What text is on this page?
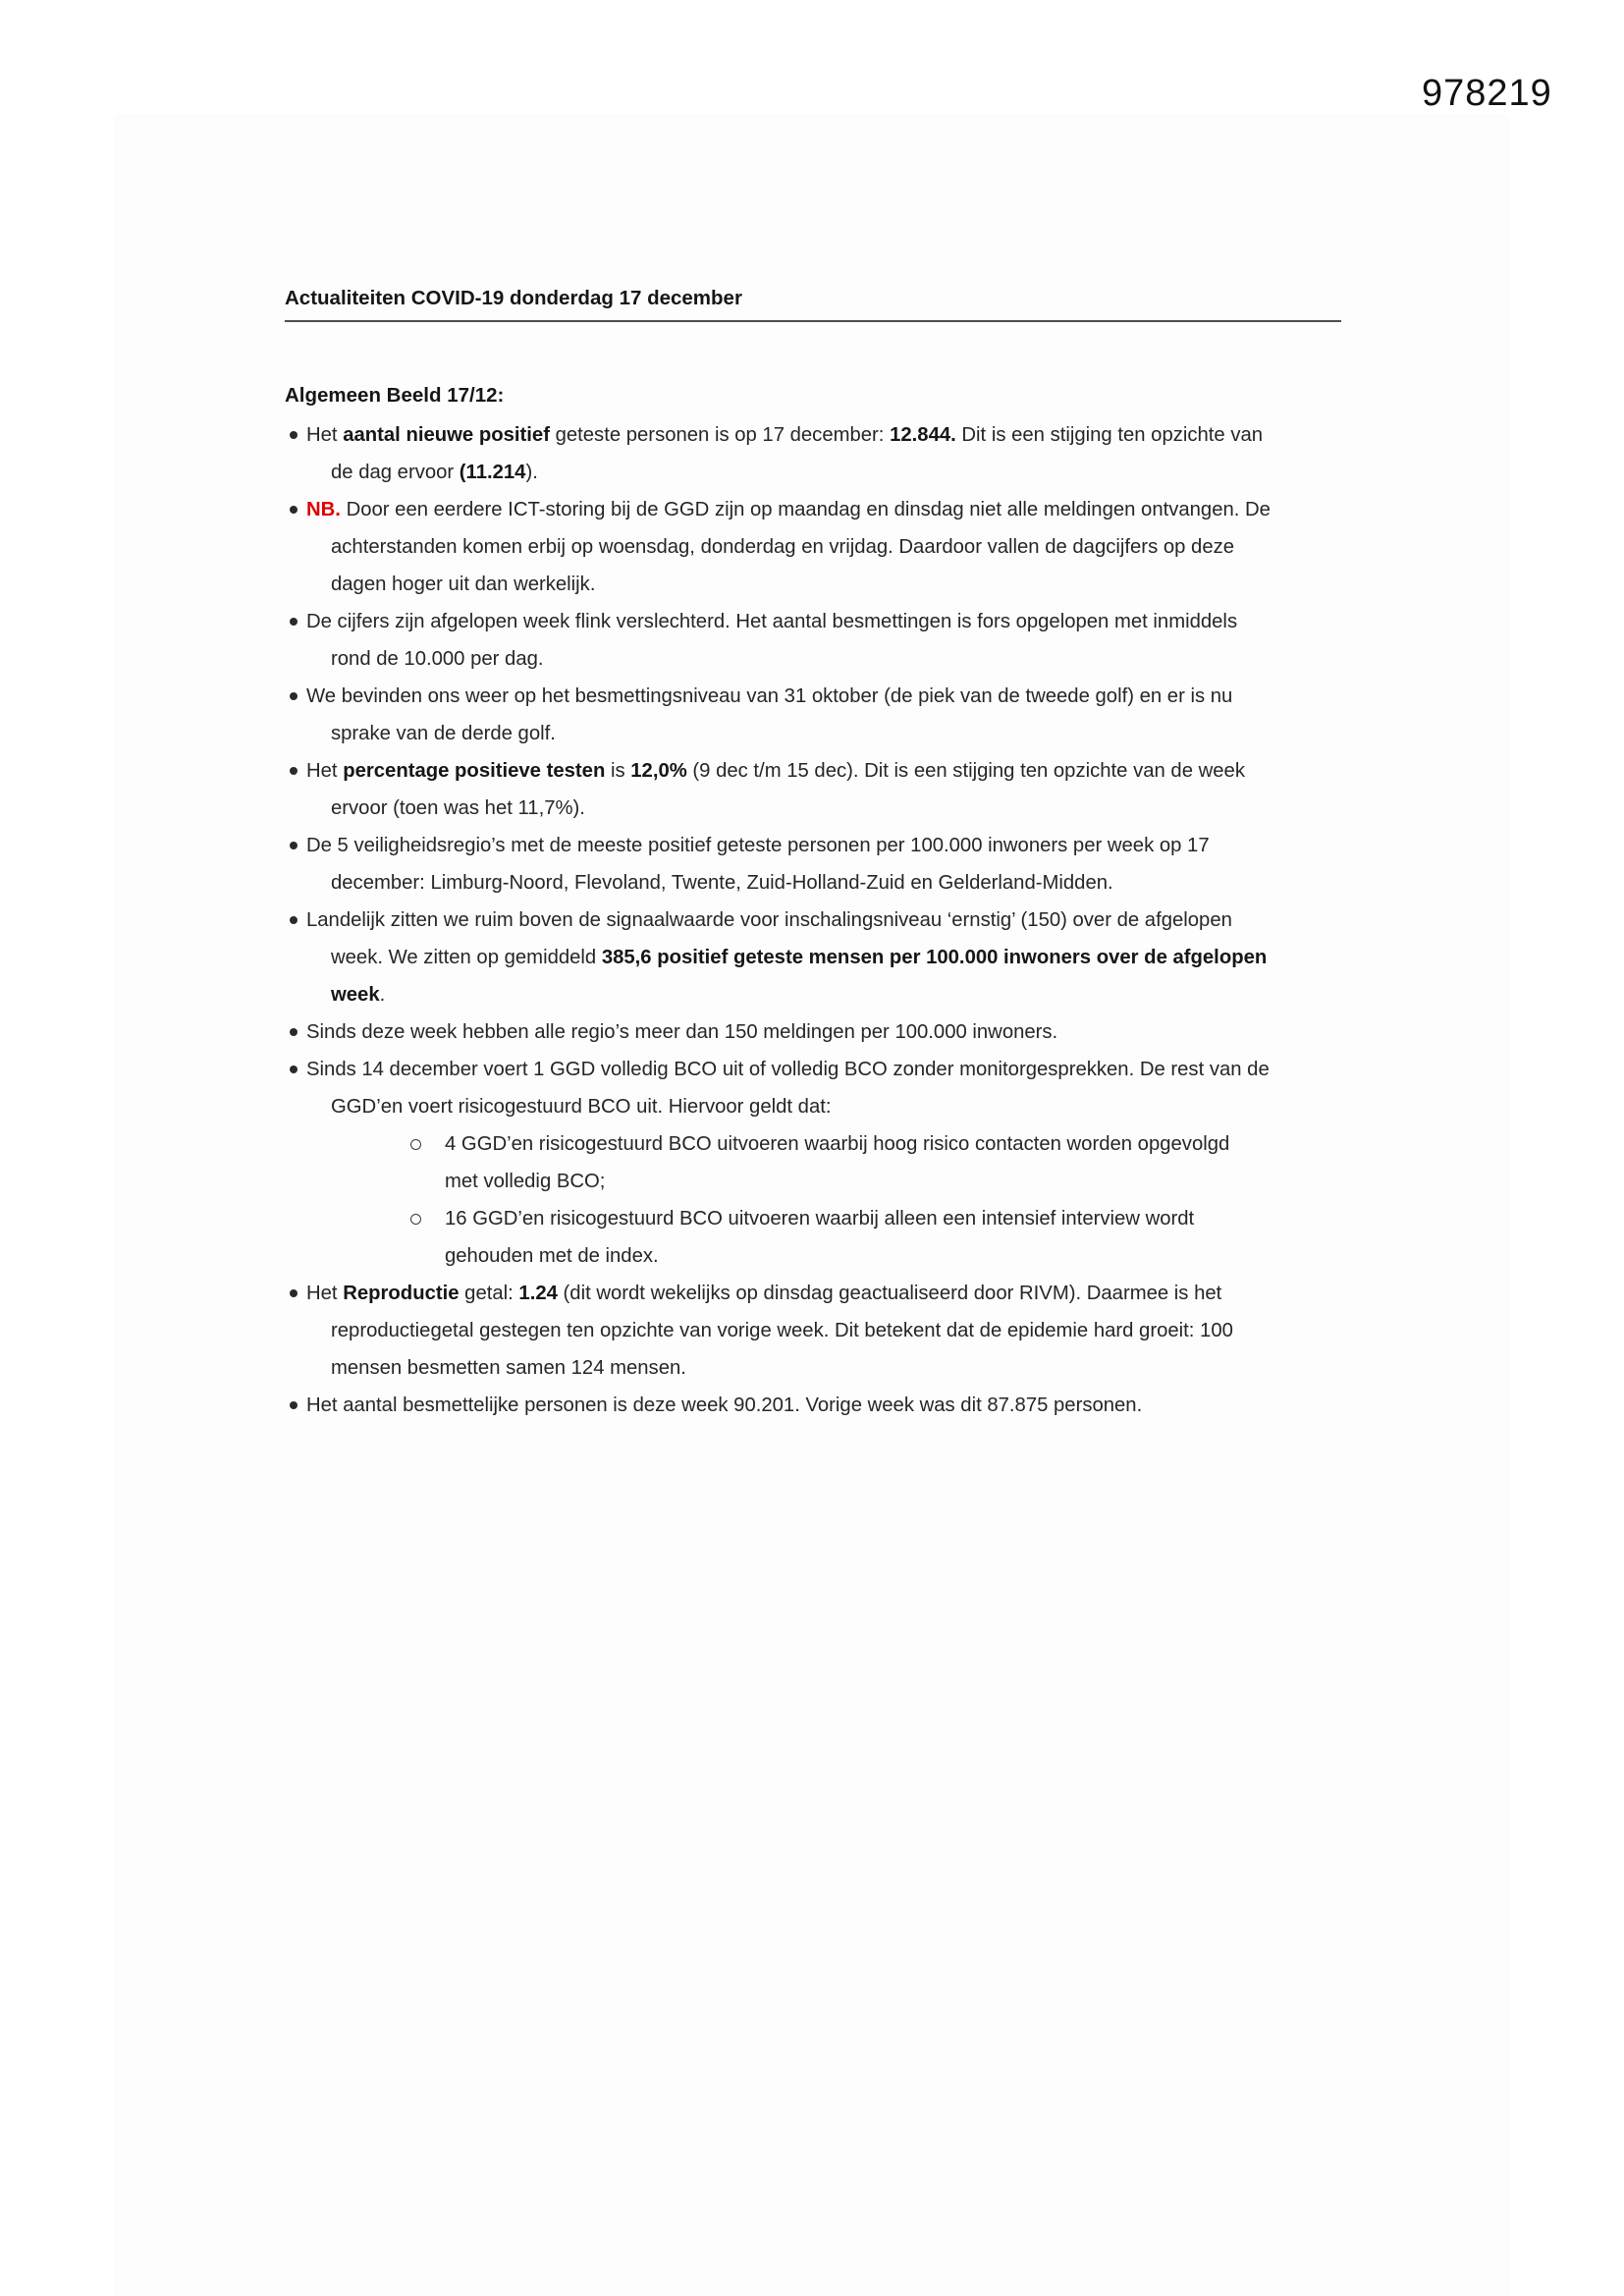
978219
Actualiteiten COVID-19 donderdag 17 december
Algemeen Beeld 17/12:
Het aantal nieuwe positief geteste personen is op 17 december: 12.844. Dit is een stijging ten opzichte van de dag ervoor (11.214).
NB. Door een eerdere ICT-storing bij de GGD zijn op maandag en dinsdag niet alle meldingen ontvangen. De achterstanden komen erbij op woensdag, donderdag en vrijdag. Daardoor vallen de dagcijfers op deze dagen hoger uit dan werkelijk.
De cijfers zijn afgelopen week flink verslechterd. Het aantal besmettingen is fors opgelopen met inmiddels rond de 10.000 per dag.
We bevinden ons weer op het besmettingsniveau van 31 oktober (de piek van de tweede golf) en er is nu sprake van de derde golf.
Het percentage positieve testen is 12,0% (9 dec t/m 15 dec). Dit is een stijging ten opzichte van de week ervoor (toen was het 11,7%).
De 5 veiligheidsregio’s met de meeste positief geteste personen per 100.000 inwoners per week op 17 december: Limburg-Noord, Flevoland, Twente, Zuid-Holland-Zuid en Gelderland-Midden.
Landelijk zitten we ruim boven de signaalwaarde voor inschalingsniveau ‘ernstig’ (150) over de afgelopen week. We zitten op gemiddeld 385,6 positief geteste mensen per 100.000 inwoners over de afgelopen week.
Sinds deze week hebben alle regio’s meer dan 150 meldingen per 100.000 inwoners.
Sinds 14 december voert 1 GGD volledig BCO uit of volledig BCO zonder monitorgesprekken. De rest van de GGD’en voert risicogestuurd BCO uit. Hiervoor geldt dat:
4 GGD’en risicogestuurd BCO uitvoeren waarbij hoog risico contacten worden opgevolgd met volledig BCO;
16 GGD’en risicogestuurd BCO uitvoeren waarbij alleen een intensief interview wordt gehouden met de index.
Het Reproductie getal: 1.24 (dit wordt wekelijks op dinsdag geactualiseerd door RIVM). Daarmee is het reproductiegetal gestegen ten opzichte van vorige week. Dit betekent dat de epidemie hard groeit: 100 mensen besmetten samen 124 mensen.
Het aantal besmettelijke personen is deze week 90.201. Vorige week was dit 87.875 personen.
